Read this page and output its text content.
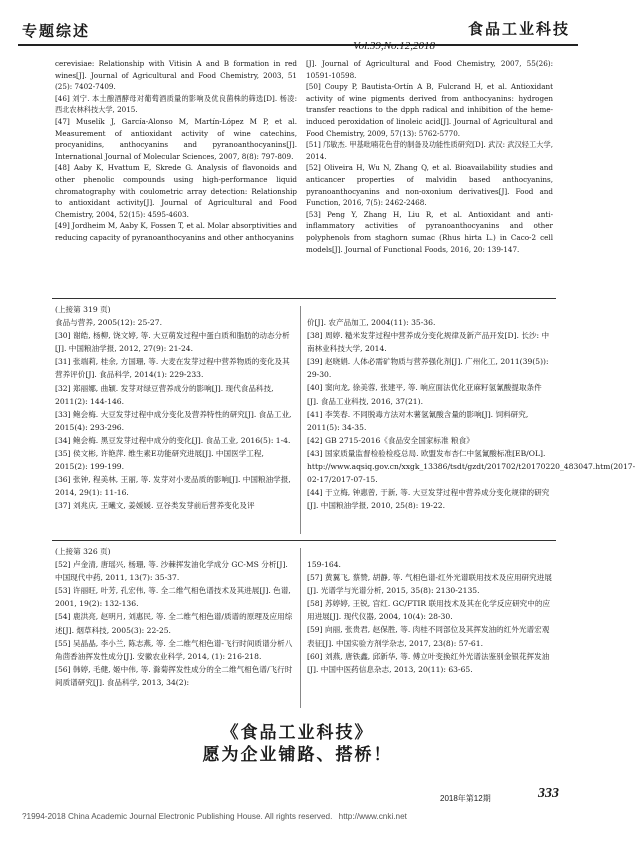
专题综述	食品工业科技
Vol.39,No.12,2018

cerevisiae: Relationship with Vitisin A and B formation in red wines[J]. Journal of Agricultural and Food Chemistry, 2003, 51 (25): 7402-7409.

[46] 刘宁. 本土酿酒酵母对葡萄酒质量的影响及优良菌株的筛选[D]. 杨凌: 西北农林科技大学, 2015.

[47] Muselík J, García-Alonso M, Martín-López M P, et al. Measurement of antioxidant activity of wine catechins, procyanidins, anthocyanins and pyranoanthocyanins[J]. International Journal of Molecular Sciences, 2007, 8(8): 797-809.

[48] Aaby K, Hvattum E, Skrede G. Analysis of flavonoids and other phenolic compounds using high-performance liquid chromatography with coulometric array detection: Relationship to antioxidant activity[J]. Journal of Agricultural and Food Chemistry, 2004, 52(15): 4595-4603.

[49] Jordheim M, Aaby K, Fossen T, et al. Molar absorptivities and reducing capacity of pyranoanthocyanins and other anthocyanins

[J]. Journal of Agricultural and Food Chemistry, 2007, 55(26): 10591-10598.

[50] Coupy P, Bautista-Ortín A B, Fulcrand H, et al. Antioxidant activity of wine pigments derived from anthocyanins: hydrogen transfer reactions to the dpph radical and inhibition of the heme-induced peroxidation of linoleic acid[J]. Journal of Agricultural and Food Chemistry, 2009, 57(13): 5762-5770.

[51] 邝敏杰. 甲基吡喃花色苷的制备及功能性质研究[D]. 武汉: 武汉轻工大学, 2014.

[52] Oliveira H, Wu N, Zhang Q, et al. Bioavailability studies and anticancer properties of malvidin based anthocyanins, pyranoanthocyanins and non-oxonium derivatives[J]. Food and Function, 2016, 7(5): 2462-2468.

[53] Peng Y, Zhang H, Liu R, et al. Antioxidant and anti-inflammatory activities of pyranoanthocyanins and other polyphenols from staghorn sumac (Rhus hirta L.) in Caco-2 cell models[J]. Journal of Functional Foods, 2016, 20: 139-147.

(上接第 319 页)

食品与营养, 2005(12): 25-27.

[30] 谢皓, 杨柳, 饶文婷, 等. 大豆萌发过程中蛋白质和脂肪的动态分析[J]. 中国粮油学报, 2012, 27(9): 21-24.

[31] 张端莉, 桂余, 方国珊, 等. 大麦在发芽过程中营养物质的变化及其营养评价[J]. 食品科学, 2014(1): 229-233.

[32] 郑丽娜, 曲颖. 发芽对绿豆营养成分的影响[J]. 现代食品科技, 2011(2): 144-146.

[33] 鲍会梅. 大豆发芽过程中成分变化及营养特性的研究[J]. 食品工业, 2015(4): 293-296.

[34] 鲍会梅. 黑豆发芽过程中成分的变化[J]. 食品工业, 2016(5): 1-4.

[35] 侯文彬, 许艳萍. 维生素E功能研究进展[J]. 中国医学工程, 2015(2): 199-199.

[36] 张钟, 程美林, 王丽, 等. 发芽对小麦品质的影响[J]. 中国粮油学报, 2014, 29(1): 11-16.

[37] 刘兆庆, 王曦文, 姜媛媛. 豆谷类发芽前后营养变化及评

价[J]. 农产品加工, 2004(11): 35-36.

[38] 周婷. 糙米发芽过程中营养成分变化规律及新产品开发[D]. 长沙: 中南林业科技大学, 2014.

[39] 赵晓娟. 人体必需矿物质与营养强化剂[J]. 广州化工, 2011(39(5)): 29-30.

[40] 窦向龙, 徐美蓉, 张建平, 等. 响应面法优化亚麻籽氢氰酸提取条件[J]. 食品工业科技, 2016, 37(21).

[41] 李笑春. 不同脱毒方法对木薯氢氰酸含量的影响[J]. 饲料研究, 2011(5): 34-35.

[42] GB 2715-2016《食品安全国家标准 粮食》

[43] 国家质量监督检验检疫总局. 欧盟发布杏仁中氢氰酸标准[EB/OL]. http://www.aqsiq.gov.cn/xxgk_13386/tsdt/gzdt/201702/t20170220_483047.htm(2017-02-17/2017-07-15.

[44] 于立梅, 钟惠曾, 于新, 等. 大豆发芽过程中营养成分变化规律的研究[J]. 中国粮油学报, 2010, 25(8): 19-22.

(上接第 326 页)

[52] 卢金清, 唐瑶兴, 杨珊, 等. 沙棘挥发油化学成分 GC-MS 分析[J]. 中国现代中药, 2011, 13(7): 35-37.

[53] 许丽旺, 叶芳, 孔宏伟, 等. 全二维气相色谱技术及其进展[J]. 色谱, 2001, 19(2): 132-136.

[54] 鹿洪亮, 赵明月, 刘惠民, 等. 全二维气相色谱/质谱的原理及应用综述[J]. 烟草科技, 2005(3): 22-25.

[55] 吴晶晶, 李小兰, 陈志燕, 等. 全二维气相色谱-飞行时间质谱分析八角茴香油挥发性成分[J]. 安徽农业科学, 2014, (1): 216-218.

[56] 韩婷, 毛健, 姬中伟, 等. 滁菊挥发性成分的全二维气相色谱/飞行时间质谱研究[J]. 食品科学, 2013, 34(2):

159-164.

[57] 黄翼飞, 蔡赞, 胡静, 等. 气相色谱-红外光谱联用技术及应用研究进展[J]. 光谱学与光谱分析, 2015, 35(8): 2130-2135.

[58] 苏婷婷, 王锐, 宫红. GC/FTIR 联用技术及其在化学反应研究中的应用进展[J]. 现代仪器, 2004, 10(4): 28-30.

[59] 向丽, 张贵君, 赵保胜, 等. 肉桂不同部位及其挥发油的红外光谱宏观表征[J]. 中国实验方剂学杂志, 2017, 23(8): 57-61.

[60] 刘燕, 唐铁鑫, 邱新华, 等. 傅立叶变换红外光谱法鉴别金银花挥发油[J]. 中国中医药信息杂志, 2013, 20(11): 63-65.

《食品工业科技》
愿为企业铺路、搭桥！
2018年第12期	333
?1994-2018 China Academic Journal Electronic Publishing House. All rights reserved. http://www.cnki.net
